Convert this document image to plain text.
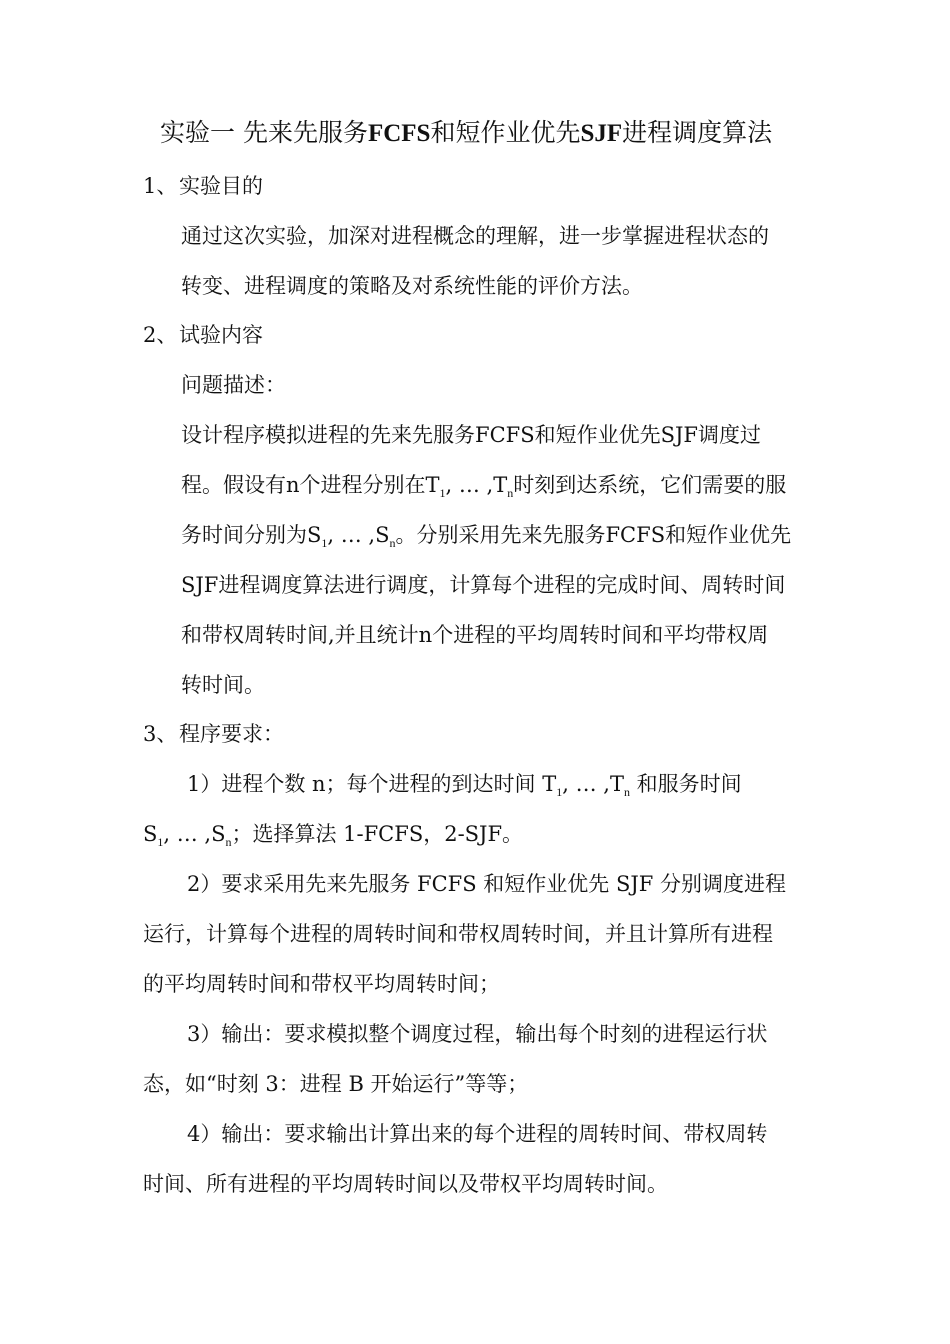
实验一 先来先服务FCFS和短作业优先SJF进程调度算法
1、实验目的
通过这次实验，加深对进程概念的理解，进一步掌握进程状态的
转变、进程调度的策略及对系统性能的评价方法。
2、试验内容
问题描述：
设计程序模拟进程的先来先服务FCFS和短作业优先SJF调度过
程。假设有n个进程分别在$T_1$, … $,T_n$时刻到达系统，它们需要的服
务时间分别为$S_1$, … $,S_n$。分别采用先来先服务FCFS和短作业优先
SJF进程调度算法进行调度，计算每个进程的完成时间、周转时间
和带权周转时间,并且统计n个进程的平均周转时间和平均带权周
转时间。
3、程序要求：
1）进程个数 n；每个进程的到达时间 $T_1$, … $,T_n$ 和服务时间
$S_1$, … $,S_n$；选择算法 1-FCFS，2-SJF。
2）要求采用先来先服务 FCFS 和短作业优先 SJF 分别调度进程
运行，计算每个进程的周转时间和带权周转时间，并且计算所有进程
的平均周转时间和带权平均周转时间；
3）输出：要求模拟整个调度过程，输出每个时刻的进程运行状
态，如“时刻 3：进程 B 开始运行”等等；
4）输出：要求输出计算出来的每个进程的周转时间、带权周转
时间、所有进程的平均周转时间以及带权平均周转时间。
